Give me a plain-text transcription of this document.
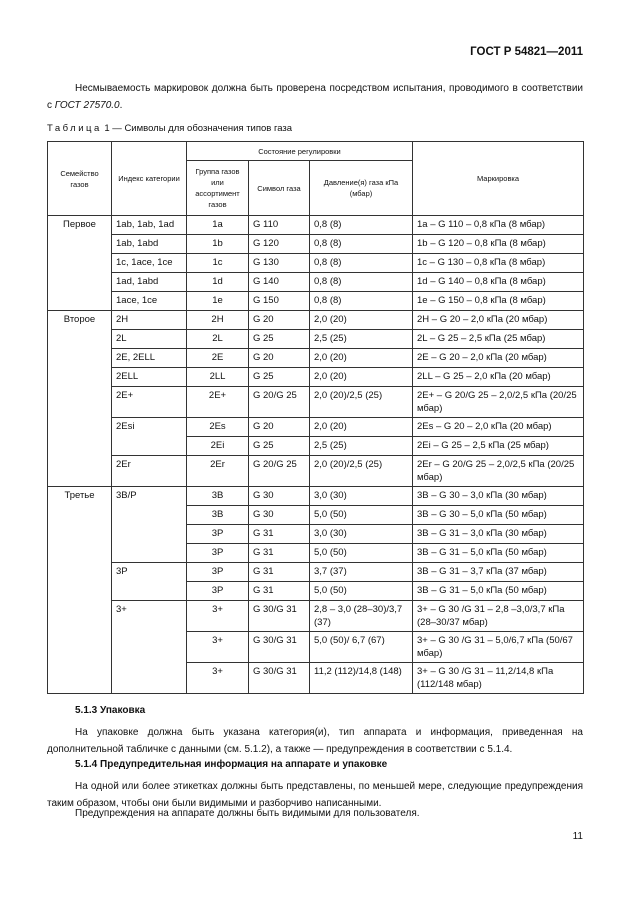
ГОСТ Р 54821—2011
Несмываемость маркировок должна быть проверена посредством испытания, проводимого в соответствии с ГОСТ 27570.0.
Таблица 1 — Символы для обозначения типов газа
Семейство газов	Индекс категории	Состояние регулировки			Маркировка
		Группа газов или ассортимент газов	Символ газа	Давление(я) газа кПа (мбар)	
Первое	1ab, 1ab, 1ad	1a	G 110	0,8 (8)	1a – G 110 – 0,8 кПа (8 мбар)
	1ab, 1abd	1b	G 120	0,8 (8)	1b – G 120 – 0,8 кПа (8 мбар)
	1c, 1ace, 1ce	1c	G 130	0,8 (8)	1c – G 130 – 0,8 кПа (8 мбар)
	1ad, 1abd	1d	G 140	0,8 (8)	1d – G 140 – 0,8 кПа (8 мбар)
	1ace, 1ce	1e	G 150	0,8 (8)	1e – G 150 – 0,8 кПа (8 мбар)
Второе	2H	2H	G 20	2,0 (20)	2H – G 20 – 2,0 кПа (20 мбар)
	2L	2L	G 25	2,5 (25)	2L – G 25 – 2,5 кПа (25 мбар)
	2E, 2ELL	2E	G 20	2,0 (20)	2E – G 20 – 2,0 кПа (20 мбар)
	2ELL	2LL	G 25	2,0 (20)	2LL – G 25 – 2,0 кПа (20 мбар)
	2E+	2E+	G 20/G 25	2,0 (20)/2,5 (25)	2E+ – G 20/G 25 – 2,0/2,5 кПа (20/25 мбар)
	2Esi	2Es	G 20	2,0 (20)	2Es – G 20 – 2,0 кПа (20 мбар)
		2Ei	G 25	2,5 (25)	2Ei – G 25 – 2,5 кПа (25 мбар)
	2Er	2Er	G 20/G 25	2,0 (20)/2,5 (25)	2Er – G 20/G 25 – 2,0/2,5 кПа (20/25 мбар)
Третье	3B/P	3B	G 30	3,0 (30)	3B – G 30 – 3,0 кПа (30 мбар)
		3B	G 30	5,0 (50)	3B – G 30 – 5,0 кПа (50 мбар)
		3P	G 31	3,0 (30)	3B – G 31 – 3,0 кПа (30 мбар)
		3P	G 31	5,0 (50)	3B – G 31 – 5,0 кПа (50 мбар)
	3P	3P	G 31	3,7 (37)	3B – G 31 – 3,7 кПа (37 мбар)
		3P	G 31	5,0 (50)	3B – G 31 – 5,0 кПа (50 мбар)
	3+	3+	G 30/G 31	2,8 – 3,0 (28–30)/3,7 (37)	3+ – G 30 /G 31 – 2,8 –3,0/3,7 кПа (28–30/37 мбар)
		3+	G 30/G 31	5,0 (50)/ 6,7 (67)	3+ – G 30 /G 31 – 5,0/6,7 кПа (50/67 мбар)
		3+	G 30/G 31	11,2 (112)/14,8 (148)	3+ – G 30 /G 31 – 11,2/14,8 кПа (112/148 мбар)
5.1.3 Упаковка
На упаковке должна быть указана категория(и), тип аппарата и информация, приведенная на дополнительной табличке с данными (см. 5.1.2), а также — предупреждения в соответствии с 5.1.4.
5.1.4 Предупредительная информация на аппарате и упаковке
На одной или более этикетках должны быть представлены, по меньшей мере, следующие предупреждения таким образом, чтобы они были видимыми и разборчиво написанными.
Предупреждения на аппарате должны быть видимыми для пользователя.
11
